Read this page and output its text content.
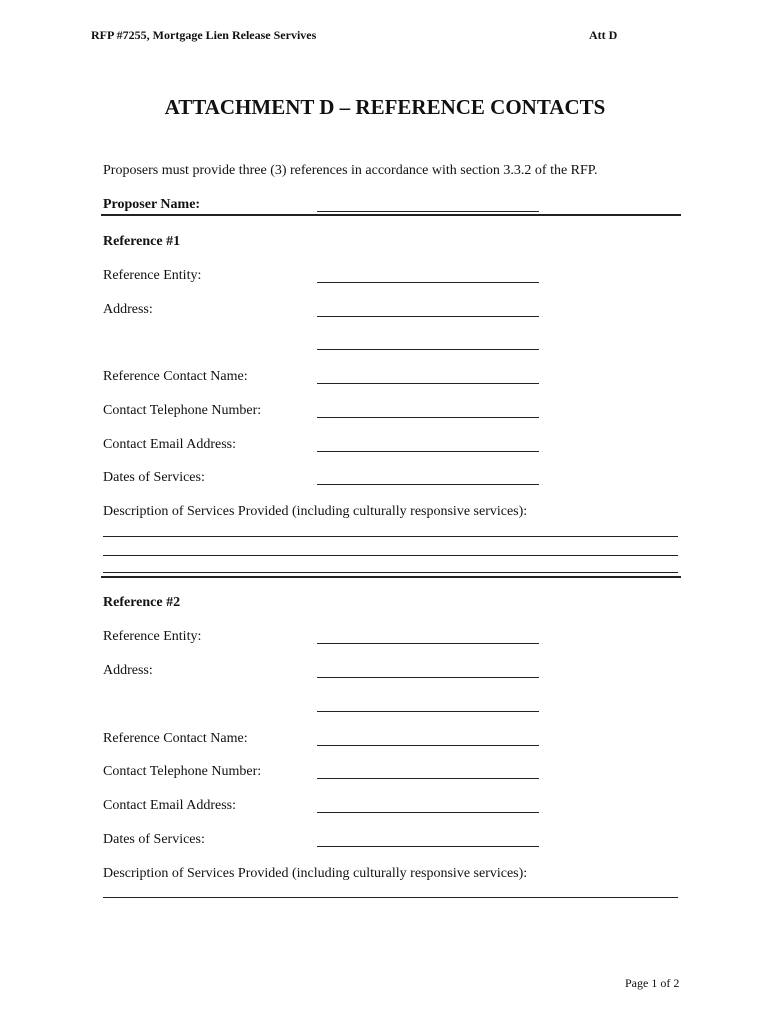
RFP #7255, Mortgage Lien Release Servives	Att D
ATTACHMENT D – REFERENCE CONTACTS
Proposers must provide three (3) references in accordance with section 3.3.2 of the RFP.
Proposer Name:
Reference #1
Reference Entity:
Address:
Reference Contact Name:
Contact Telephone Number:
Contact Email Address:
Dates of Services:
Description of Services Provided (including culturally responsive services):
Reference #2
Reference Entity:
Address:
Reference Contact Name:
Contact Telephone Number:
Contact Email Address:
Dates of Services:
Description of Services Provided (including culturally responsive services):
Page 1 of 2
